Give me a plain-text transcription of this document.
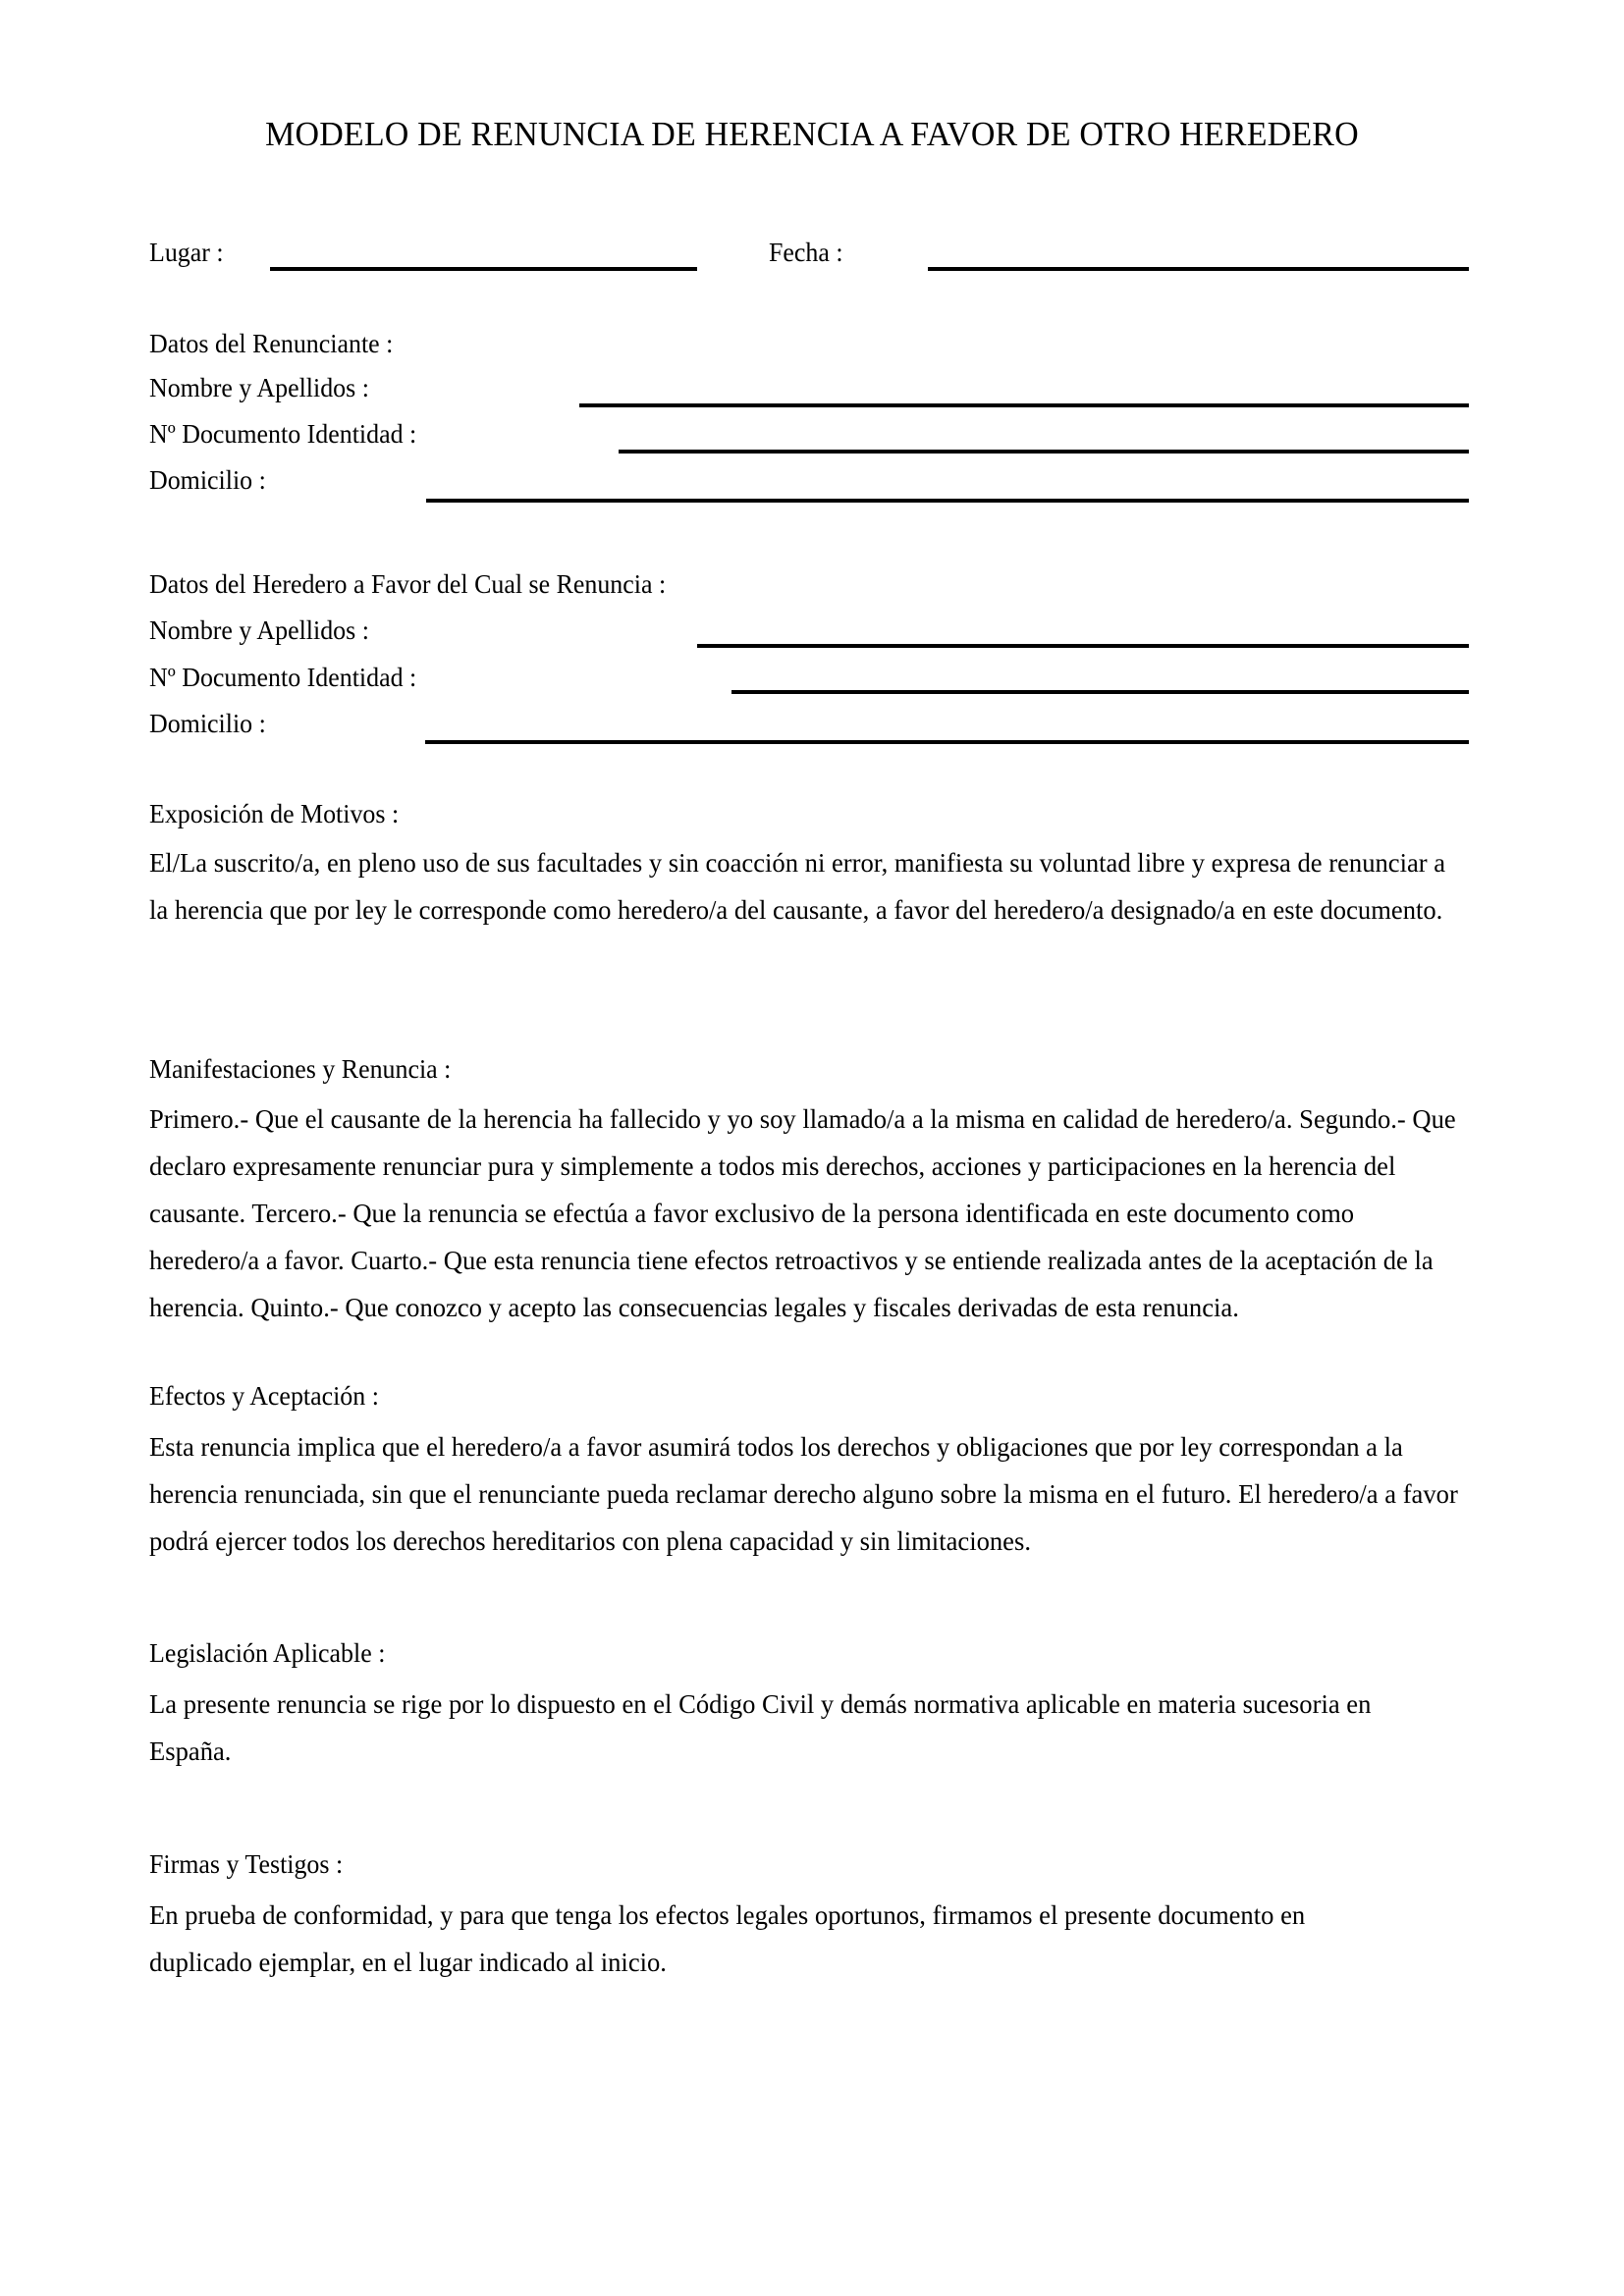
MODELO DE RENUNCIA DE HERENCIA A FAVOR DE OTRO HEREDERO
Lugar :	Fecha :
Datos del Renunciante :
Nombre y Apellidos :
Nº Documento Identidad :
Domicilio :
Datos del Heredero a Favor del Cual se Renuncia :
Nombre y Apellidos :
Nº Documento Identidad :
Domicilio :
Exposición de Motivos :
El/La suscrito/a, en pleno uso de sus facultades y sin coacción ni error, manifiesta su voluntad libre y expresa de renunciar a la herencia que por ley le corresponde como heredero/a del causante, a favor del heredero/a designado/a en este documento.
Manifestaciones y Renuncia :
Primero.- Que el causante de la herencia ha fallecido y yo soy llamado/a a la misma en calidad de heredero/a. Segundo.- Que declaro expresamente renunciar pura y simplemente a todos mis derechos, acciones y participaciones en la herencia del causante. Tercero.- Que la renuncia se efectúa a favor exclusivo de la persona identificada en este documento como heredero/a a favor. Cuarto.- Que esta renuncia tiene efectos retroactivos y se entiende realizada antes de la aceptación de la herencia. Quinto.- Que conozco y acepto las consecuencias legales y fiscales derivadas de esta renuncia.
Efectos y Aceptación :
Esta renuncia implica que el heredero/a a favor asumirá todos los derechos y obligaciones que por ley correspondan a la herencia renunciada, sin que el renunciante pueda reclamar derecho alguno sobre la misma en el futuro. El heredero/a a favor podrá ejercer todos los derechos hereditarios con plena capacidad y sin limitaciones.
Legislación Aplicable :
La presente renuncia se rige por lo dispuesto en el Código Civil y demás normativa aplicable en materia sucesoria en España.
Firmas y Testigos :
En prueba de conformidad, y para que tenga los efectos legales oportunos, firmamos el presente documento en duplicado ejemplar, en el lugar indicado al inicio.
